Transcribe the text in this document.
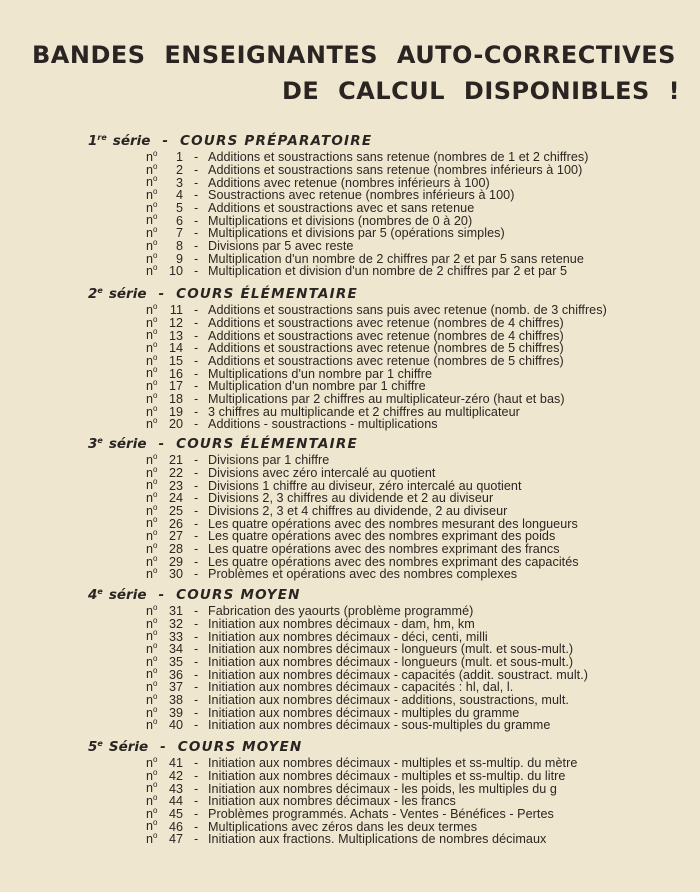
BANDES ENSEIGNANTES AUTO-CORRECTIVES
DE CALCUL DISPONIBLES !
1re série - COURS PRÉPARATOIRE
$n^o$ 1 - Additions et soustractions sans retenue (nombres de 1 et 2 chiffres)
$n^o$ 2 - Additions et soustractions sans retenue (nombres inférieurs à 100)
$n^o$ 3 - Additions avec retenue (nombres inférieurs à 100)
$n^o$ 4 - Soustractions avec retenue (nombres inférieurs à 100)
$n^o$ 5 - Additions et soustractions avec et sans retenue
$n^o$ 6 - Multiplications et divisions (nombres de 0 à 20)
$n^o$ 7 - Multiplications et divisions par 5 (opérations simples)
$n^o$ 8 - Divisions par 5 avec reste
$n^o$ 9 - Multiplication d'un nombre de 2 chiffres par 2 et par 5 sans retenue
$n^o$ 10 - Multiplication et division d'un nombre de 2 chiffres par 2 et par 5
2e série - COURS ÉLÉMENTAIRE
$n^o$ 11 - Additions et soustractions sans puis avec retenue (nomb. de 3 chiffres)
$n^o$ 12 - Additions et soustractions avec retenue (nombres de 4 chiffres)
$n^o$ 13 - Additions et soustractions avec retenue (nombres de 4 chiffres)
$n^o$ 14 - Additions et soustractions avec retenue (nombres de 5 chiffres)
$n^o$ 15 - Additions et soustractions avec retenue (nombres de 5 chiffres)
$n^o$ 16 - Multiplications d'un nombre par 1 chiffre
$n^o$ 17 - Multiplication d'un nombre par 1 chiffre
$n^o$ 18 - Multiplications par 2 chiffres au multiplicateur-zéro (haut et bas)
$n^o$ 19 - 3 chiffres au multiplicande et 2 chiffres au multiplicateur
$n^o$ 20 - Additions - soustractions - multiplications
3e série - COURS ÉLÉMENTAIRE
$n^o$ 21 - Divisions par 1 chiffre
$n^o$ 22 - Divisions avec zéro intercalé au quotient
$n^o$ 23 - Divisions 1 chiffre au diviseur, zéro intercalé au quotient
$n^o$ 24 - Divisions 2, 3 chiffres au dividende et 2 au diviseur
$n^o$ 25 - Divisions 2, 3 et 4 chiffres au dividende, 2 au diviseur
$n^o$ 26 - Les quatre opérations avec des nombres mesurant des longueurs
$n^o$ 27 - Les quatre opérations avec des nombres exprimant des poids
$n^o$ 28 - Les quatre opérations avec des nombres exprimant des francs
$n^o$ 29 - Les quatre opérations avec des nombres exprimant des capacités
$n^o$ 30 - Problèmes et opérations avec des nombres complexes
4e série - COURS MOYEN
$n^o$ 31 - Fabrication des yaourts (problème programmé)
$n^o$ 32 - Initiation aux nombres décimaux - dam, hm, km
$n^o$ 33 - Initiation aux nombres décimaux - déci, centi, milli
$n^o$ 34 - Initiation aux nombres décimaux - longueurs (mult. et sous-mult.)
$n^o$ 35 - Initiation aux nombres décimaux - longueurs (mult. et sous-mult.)
$n^o$ 36 - Initiation aux nombres décimaux - capacités (addit. soustract. mult.)
$n^o$ 37 - Initiation aux nombres décimaux - capacités : hl, dal, l.
$n^o$ 38 - Initiation aux nombres décimaux - additions, soustractions, mult.
$n^o$ 39 - Initiation aux nombres décimaux - multiples du gramme
$n^o$ 40 - Initiation aux nombres décimaux - sous-multiples du gramme
5e Série - COURS MOYEN
$n^o$ 41 - Initiation aux nombres décimaux - multiples et ss-multip. du mètre
$n^o$ 42 - Initiation aux nombres décimaux - multiples et ss-multip. du litre
$n^o$ 43 - Initiation aux nombres décimaux - les poids, les multiples du g
$n^o$ 44 - Initiation aux nombres décimaux - les francs
$n^o$ 45 - Problèmes programmés. Achats - Ventes - Bénéfices - Pertes
$n^o$ 46 - Multiplications avec zéros dans les deux termes
$n^o$ 47 - Initiation aux fractions. Multiplications de nombres décimaux
